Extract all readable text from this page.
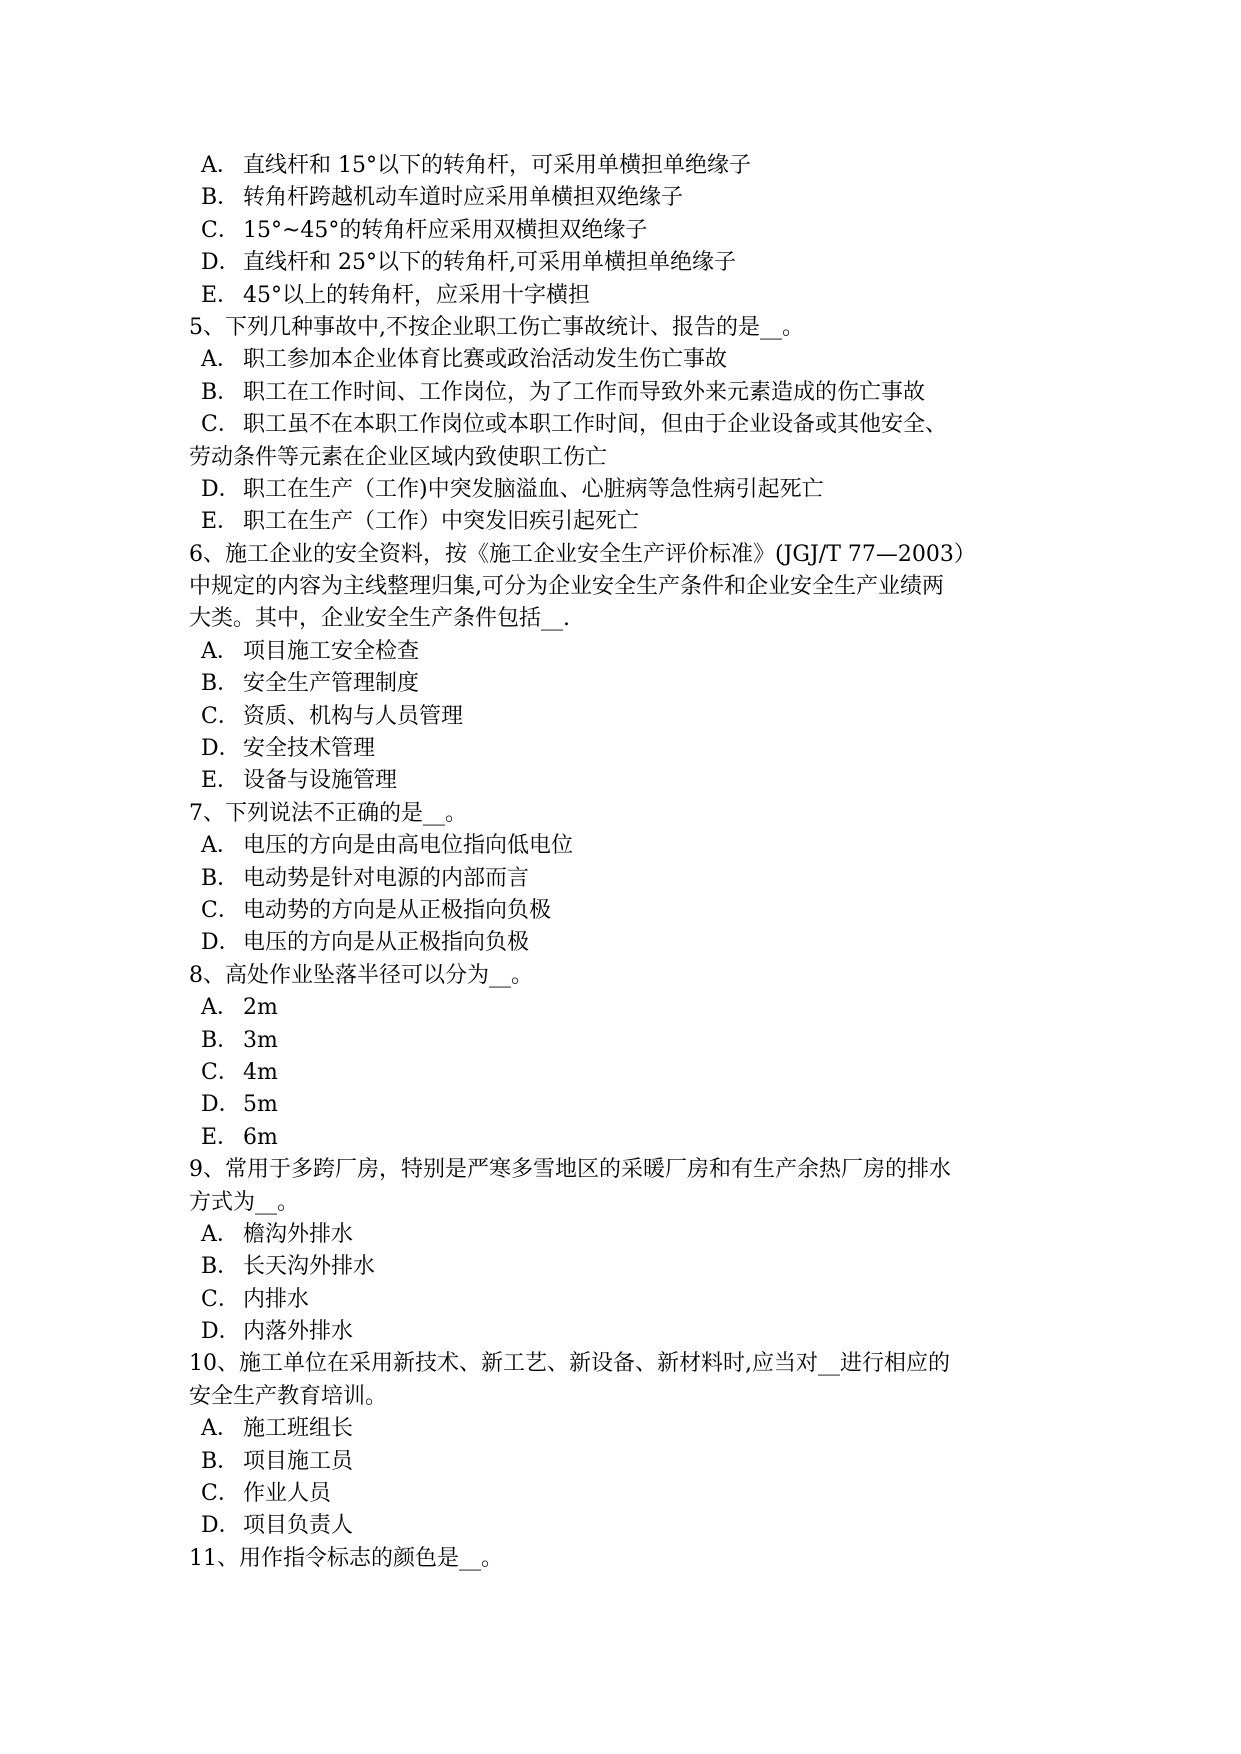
A． 直线杆和 15°以下的转角杆，可采用单横担单绝缘子
B． 转角杆跨越机动车道时应采用单横担双绝缘子
C． 15°~45°的转角杆应采用双横担双绝缘子
D． 直线杆和 25°以下的转角杆,可采用单横担单绝缘子
E． 45°以上的转角杆，应采用十字横担
5、下列几种事故中,不按企业职工伤亡事故统计、报告的是__。
A． 职工参加本企业体育比赛或政治活动发生伤亡事故
B． 职工在工作时间、工作岗位，为了工作而导致外来元素造成的伤亡事故
C． 职工虽不在本职工作岗位或本职工作时间，但由于企业设备或其他安全、
劳动条件等元素在企业区域内致使职工伤亡
D． 职工在生产（工作)中突发脑溢血、心脏病等急性病引起死亡
E． 职工在生产（工作）中突发旧疾引起死亡
6、施工企业的安全资料，按《施工企业安全生产评价标准》(JGJ/T 77—2003）
中规定的内容为主线整理归集,可分为企业安全生产条件和企业安全生产业绩两
大类。其中，企业安全生产条件包括__.
A． 项目施工安全检查
B． 安全生产管理制度
C． 资质、机构与人员管理
D． 安全技术管理
E． 设备与设施管理
7、下列说法不正确的是__。
A． 电压的方向是由高电位指向低电位
B． 电动势是针对电源的内部而言
C． 电动势的方向是从正极指向负极
D． 电压的方向是从正极指向负极
8、高处作业坠落半径可以分为__。
A． 2m
B． 3m
C． 4m
D． 5m
E． 6m
9、常用于多跨厂房，特别是严寒多雪地区的采暖厂房和有生产余热厂房的排水
方式为__。
A． 檐沟外排水
B． 长天沟外排水
C． 内排水
D． 内落外排水
10、施工单位在采用新技术、新工艺、新设备、新材料时,应当对__进行相应的
安全生产教育培训。
A． 施工班组长
B． 项目施工员
C． 作业人员
D． 项目负责人
11、用作指令标志的颜色是__。
